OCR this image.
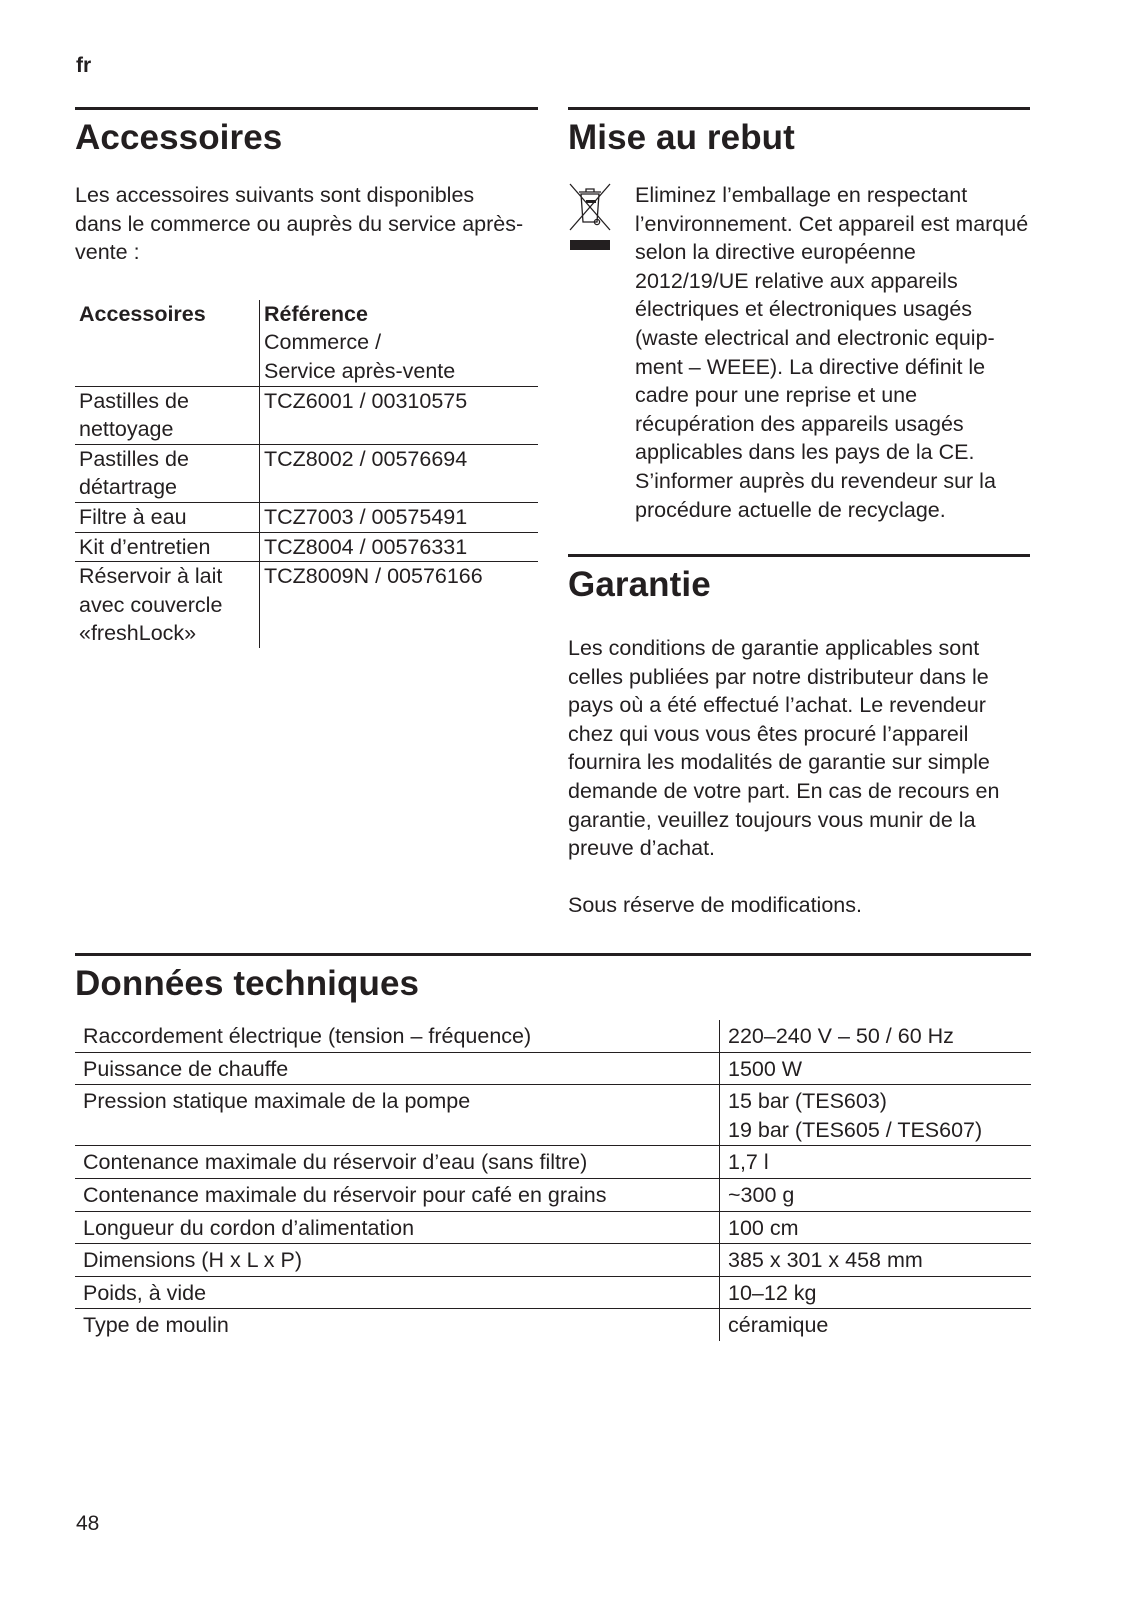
fr
Accessoires

Les accessoires suivants sont disponibles dans le commerce ou auprès du service après-vente :

Accessoires	Référence
Commerce /
Service après-vente

Pastilles de nettoyage	TCZ6001 / 00310575
Pastilles de détartrage	TCZ8002 / 00576694
Filtre à eau	TCZ7003 / 00575491
Kit d’entretien	TCZ8004 / 00576331
Réservoir à lait avec couvercle «freshLock»	TCZ8009N / 00576166
Mise au rebut

Eliminez l’emballage en respectant l’environnement. Cet appareil est marqué selon la directive européenne 2012/19/UE relative aux appareils électriques et électroniques usagés (waste electrical and electronic equip-ment – WEEE). La directive définit le cadre pour une reprise et une récupération des appareils usagés applicables dans les pays de la CE. S’informer auprès du revendeur sur la procédure actuelle de recyclage.

Garantie

Les conditions de garantie applicables sont celles publiées par notre distributeur dans le pays où a été effectué l’achat. Le revendeur chez qui vous vous êtes procuré l’appareil fournira les modalités de garantie sur simple demande de votre part. En cas de recours en garantie, veuillez toujours vous munir de la preuve d’achat.

Sous réserve de modifications.

Données techniques
Raccordement électrique (tension – fréquence)	220–240 V – 50 / 60 Hz
Puissance de chauffe	1500 W
Pression statique maximale de la pompe	15 bar (TES603)
19 bar (TES605 / TES607)

Contenance maximale du réservoir d’eau (sans filtre)	1,7 l
Contenance maximale du réservoir pour café en grains	~300 g
Longueur du cordon d’alimentation	100 cm
Dimensions (H x L x P)	385 x 301 x 458 mm
Poids, à vide	10–12 kg
Type de moulin	céramique
48
